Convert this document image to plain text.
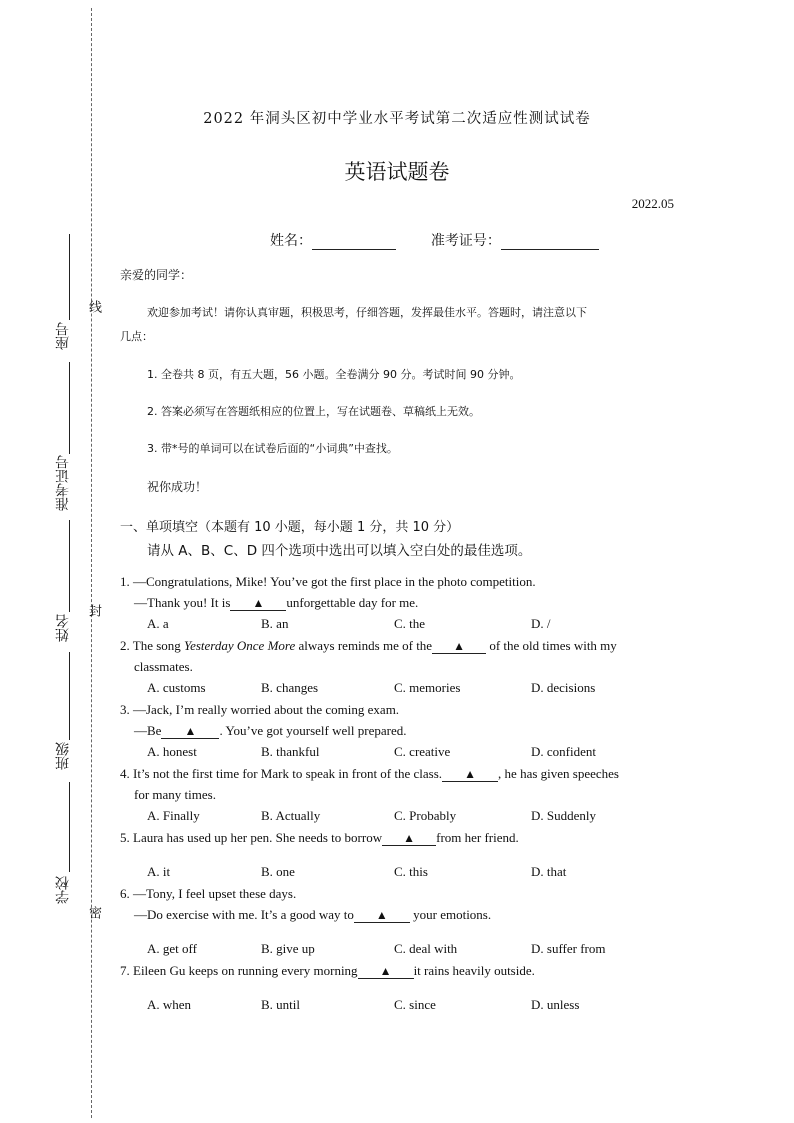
座号
准考证号
姓名
班级
学校
线
封
密
2022 年洞头区初中学业水平考试第二次适应性测试试卷
英语试题卷
2022.05
姓名：	准考证号：
亲爱的同学：
欢迎参加考试！请你认真审题，积极思考，仔细答题，发挥最佳水平。答题时，请注意以下
几点：
1. 全卷共 8 页，有五大题，56 小题。全卷满分 90 分。考试时间 90 分钟。
2. 答案必须写在答题纸相应的位置上，写在试题卷、草稿纸上无效。
3. 带*号的单词可以在试卷后面的“小词典”中查找。
祝你成功！
一、单项填空（本题有 10 小题，每小题 1 分，共 10 分）
请从 A、B、C、D 四个选项中选出可以填入空白处的最佳选项。
1. —Congratulations, Mike! You’ve got the first place in the photo competition.
—Thank you! It is ▲ unforgettable day for me.
A. a	B. an	C. the	D. /
2. The song Yesterday Once More always reminds me of the ▲ of the old times with my
classmates.
A. customs	B. changes	C. memories	D. decisions
3. —Jack, I’m really worried about the coming exam.
—Be ▲ . You’ve got yourself well prepared.
A. honest	B. thankful	C. creative	D. confident
4. It’s not the first time for Mark to speak in front of the class. ▲ , he has given speeches
for many times.
A. Finally	B. Actually	C. Probably	D. Suddenly
5. Laura has used up her pen. She needs to borrow ▲ from her friend.
A. it	B. one	C. this	D. that
6. —Tony, I feel upset these days.
—Do exercise with me. It’s a good way to ▲ your emotions.
A. get off	B. give up	C. deal with	D. suffer from
7. Eileen Gu keeps on running every morning ▲ it rains heavily outside.
A. when	B. until	C. since	D. unless
